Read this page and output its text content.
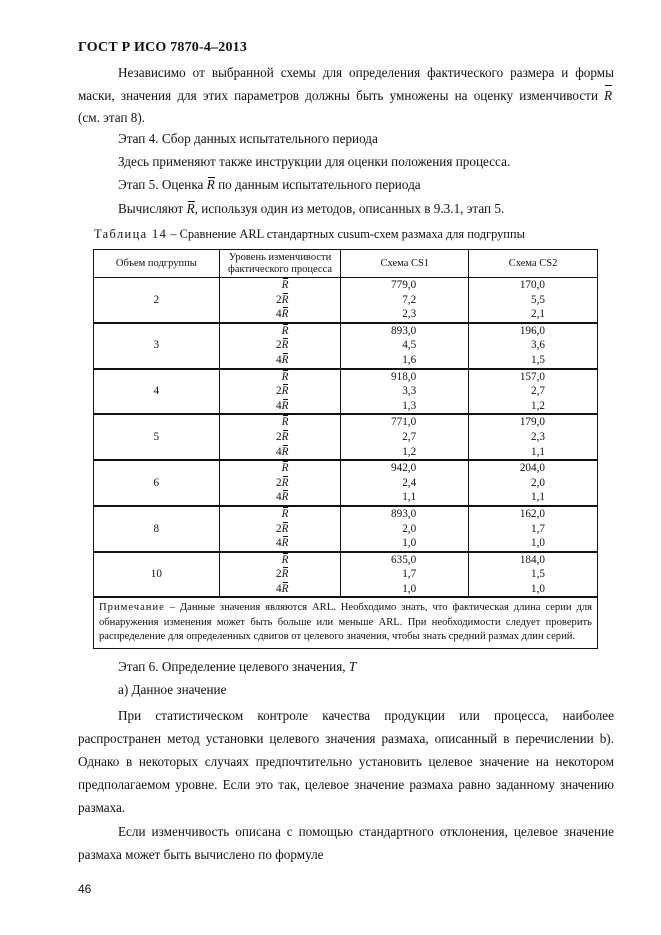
ГОСТ Р ИСО 7870-4–2013
Независимо от выбранной схемы для определения фактического размера и формы
маски, значения для этих параметров должны быть умножены на оценку изменчивости R
(см. этап 8).
Этап 4. Сбор данных испытательного периода
Здесь применяют также инструкции для оценки положения процесса.
Этап 5. Оценка R по данным испытательного периода
Вычисляют R, используя один из методов, описанных в 9.3.1, этап 5.
Таблица 14 – Сравнение ARL стандартных cusum-схем размаха для подгруппы
Объем подгруппы	Уровень изменчивости фактического процесса	Схема CS1	Схема CS2
2	R	779,0	170,0
	2R	7,2	5,5
	4R	2,3	2,1
3	R	893,0	196,0
	2R	4,5	3,6
	4R	1,6	1,5
4	R	918,0	157,0
	2R	3,3	2,7
	4R	1,3	1,2
5	R	771,0	179,0
	2R	2,7	2,3
	4R	1,2	1,1
6	R	942,0	204,0
	2R	2,4	2,0
	4R	1,1	1,1
8	R	893,0	162,0
	2R	2,0	1,7
	4R	1,0	1,0
10	R	635,0	184,0
	2R	1,7	1,5
	4R	1,0	1,0
Примечание – Данные значения являются ARL. Необходимо знать, что фактическая длина серии для обнаружения изменения может быть больше или меньше ARL. При необходимости следует проверить распределение для определенных сдвигов от целевого значения, чтобы знать средний размах длин серий.			
Этап 6. Определение целевого значения, T
а) Данное значение
При статистическом контроле качества продукции или процесса, наиболее
распространен метод установки целевого значения размаха, описанный в перечислении b).
Однако в некоторых случаях предпочтительно установить целевое значение на некотором
предполагаемом уровне. Если это так, целевое значение размаха равно заданному значению
размаха.
Если изменчивость описана с помощью стандартного отклонения, целевое значение
размаха может быть вычислено по формуле
46
